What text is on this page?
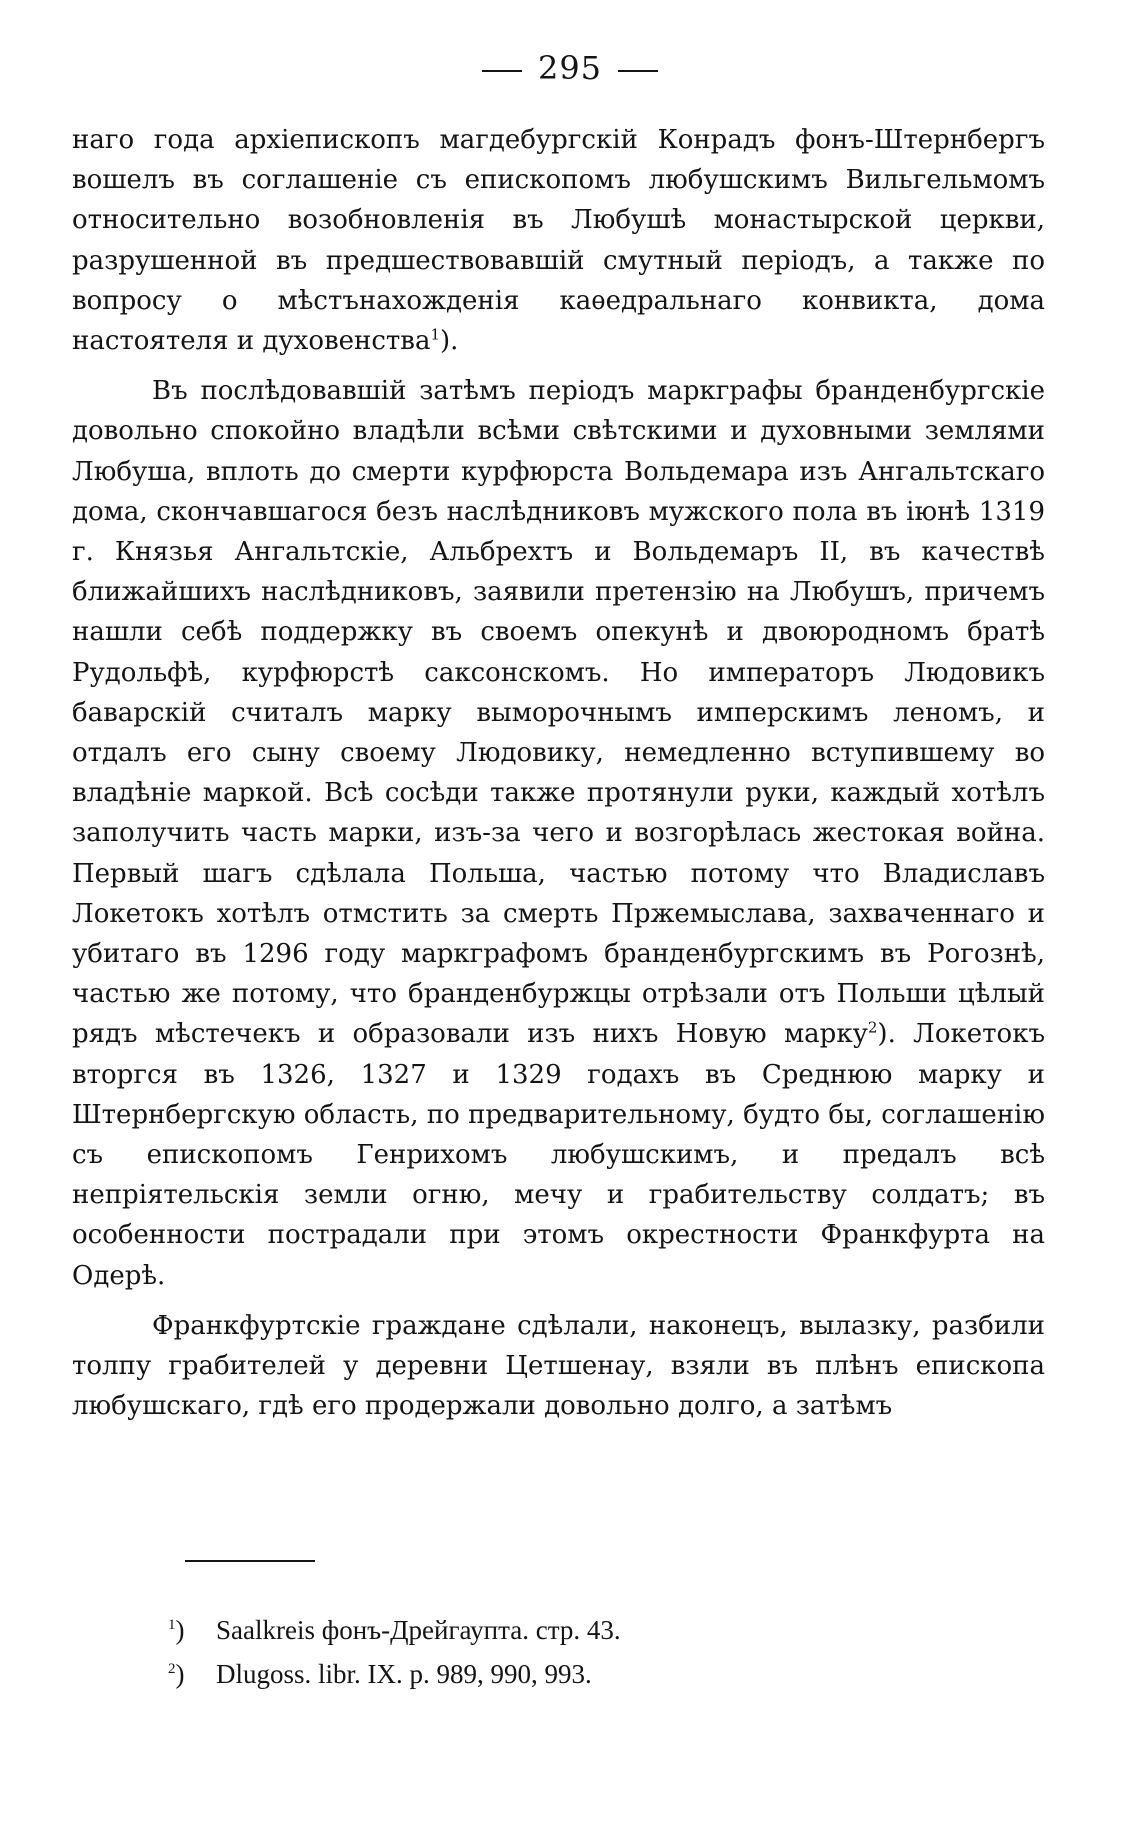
295

наго года архіепископъ магдебургскій Конрадъ фонъ-Штернбергъ вошелъ въ соглашеніе съ епископомъ любушскимъ Вильгельмомъ относительно возобновленія въ Любушѣ монастырской церкви, разрушенной въ предшествовавшій смутный періодъ, а также по вопросу о мѣстънахожденія каѳедральнаго конвикта, дома настоятеля и духовенства$^1$).

Въ послѣдовавшій затѣмъ періодъ маркграфы бранденбургскіе довольно спокойно владѣли всѣми свѣтскими и духовными землями Любуша, вплоть до смерти курфюрста Вольдемара изъ Ангальтскаго дома, скончавшагося безъ наслѣдниковъ мужского пола въ іюнѣ 1319 г. Князья Ангальтскіе, Альбрехтъ и Вольдемаръ II, въ качествѣ ближайшихъ наслѣдниковъ, заявили претензію на Любушъ, причемъ нашли себѣ поддержку въ своемъ опекунѣ и двоюродномъ братѣ Рудольфѣ, курфюрстѣ саксонскомъ. Но императоръ Людовикъ баварскій считалъ марку выморочнымъ имперскимъ леномъ, и отдалъ его сыну своему Людовику, немедленно вступившему во владѣніе маркой. Всѣ сосѣди также протянули руки, каждый хотѣлъ заполучить часть марки, изъ-за чего и возгорѣлась жестокая война. Первый шагъ сдѣлала Польша, частью потому что Владиславъ Локетокъ хотѣлъ отмстить за смерть Пржемыслава, захваченнаго и убитаго въ 1296 году маркграфомъ бранденбургскимъ въ Рогознѣ, частью же потому, что бранденбуржцы отрѣзали отъ Польши цѣлый рядъ мѣстечекъ и образовали изъ нихъ Новую марку$^2$). Локетокъ вторгся въ 1326, 1327 и 1329 годахъ въ Среднюю марку и Штернбергскую область, по предварительному, будто бы, соглашенію съ епископомъ Генрихомъ любушскимъ, и предалъ всѣ непріятельскія земли огню, мечу и грабительству солдатъ; въ особенности пострадали при этомъ окрестности Франкфурта на Одерѣ.

Франкфуртскіе граждане сдѣлали, наконецъ, вылазку, разбили толпу грабителей у деревни Цетшенау, взяли въ плѣнъ епископа любушскаго, гдѣ его продержали довольно долго, а затѣмъ

$^1$) Saalkreis фонъ-Дрейгаупта. стр. 43.
$^2$) Dlugoss. libr. IX. p. 989, 990, 993.
